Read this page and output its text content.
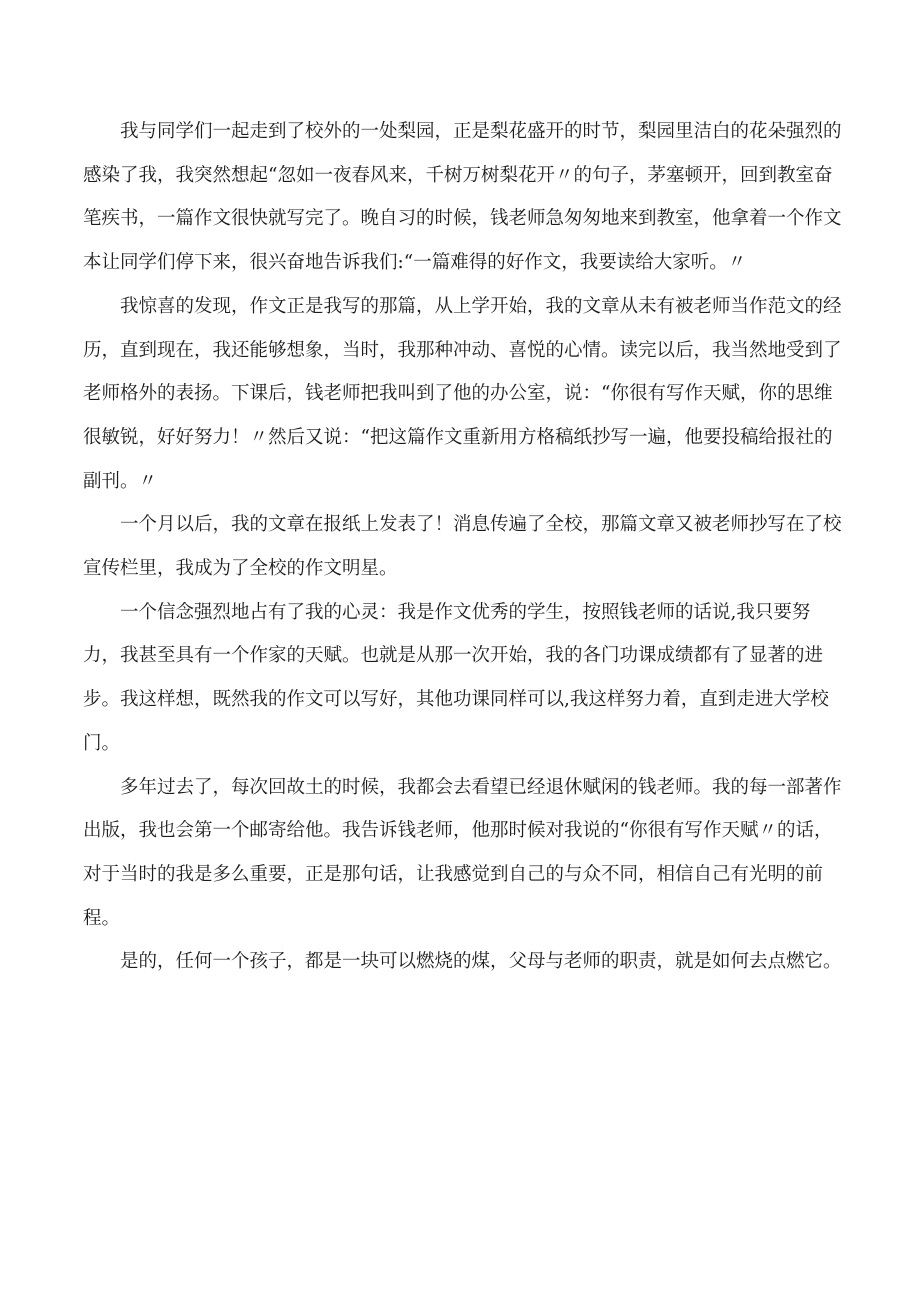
我与同学们一起走到了校外的一处梨园，正是梨花盛开的时节，梨园里洁白的花朵强烈的感染了我，我突然想起“忽如一夜春风来，千树万树梨花开〃的句子，茅塞顿开，回到教室奋笔疾书，一篇作文很快就写完了。晚自习的时候，钱老师急匆匆地来到教室，他拿着一个作文本让同学们停下来，很兴奋地告诉我们:“一篇难得的好作文，我要读给大家听。〃

我惊喜的发现，作文正是我写的那篇，从上学开始，我的文章从未有被老师当作范文的经历，直到现在，我还能够想象，当时，我那种冲动、喜悦的心情。读完以后，我当然地受到了老师格外的表扬。下课后，钱老师把我叫到了他的办公室，说：“你很有写作天赋，你的思维很敏锐，好好努力！〃然后又说：“把这篇作文重新用方格稿纸抄写一遍，他要投稿给报社的副刊。〃

一个月以后，我的文章在报纸上发表了！消息传遍了全校，那篇文章又被老师抄写在了校宣传栏里，我成为了全校的作文明星。

一个信念强烈地占有了我的心灵：我是作文优秀的学生，按照钱老师的话说,我只要努力，我甚至具有一个作家的天赋。也就是从那一次开始，我的各门功课成绩都有了显著的进步。我这样想，既然我的作文可以写好，其他功课同样可以,我这样努力着，直到走进大学校门。

多年过去了，每次回故土的时候，我都会去看望已经退休赋闲的钱老师。我的每一部著作出版，我也会第一个邮寄给他。我告诉钱老师，他那时候对我说的“你很有写作天赋〃的话，对于当时的我是多么重要，正是那句话，让我感觉到自己的与众不同，相信自己有光明的前程。

是的，任何一个孩子，都是一块可以燃烧的煤，父母与老师的职责，就是如何去点燃它。
